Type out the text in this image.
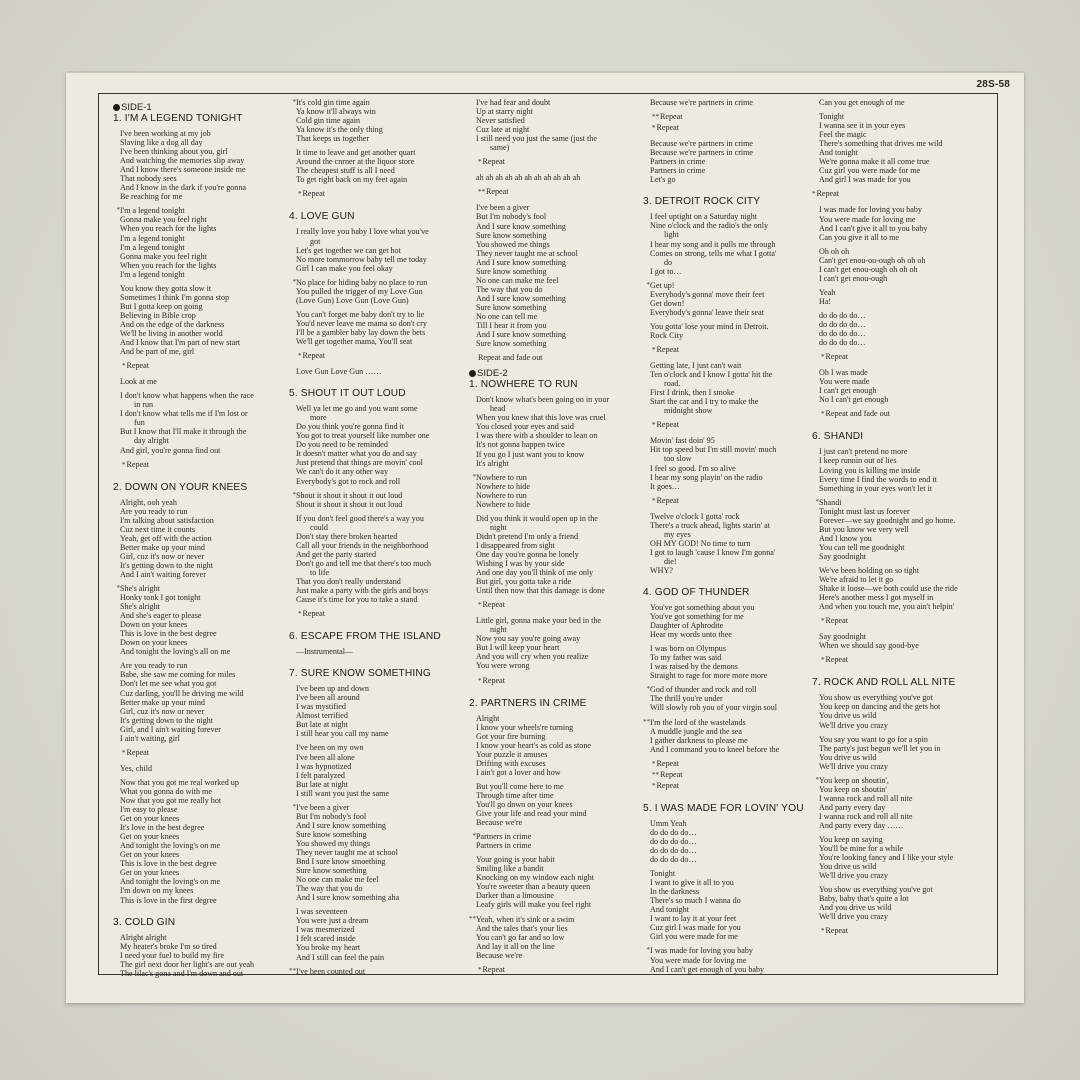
28S-58
SIDE-1
1. I'M A LEGEND TONIGHT
I've been working at my job
Slaving like a dog all day
I've been thinking about you, girl
And watching the memories slip away
And I know there's someone inside me
That nobody sees
And I know in the dark if you're gonna
Be reaching for me
* I'm a legend tonight
Gonna make you feel right
When you reach for the lights
I'm a legend tonight
I'm a legend tonight
Gonna make you feel right
When you reach for the lights
I'm a legend tonight
You know they gotta slow it
Sometimes I think I'm gonna stop
But I gotta keep on going
Believing in Bible crop
And on the edge of the darkness
We'll be living in another world
And I know that I'm part of new start
And be part of me, girl
*Repeat
Look at me
I don't know what happens when the race
in run
I don't know what tells me if I'm lost or
fun
But I know that I'll make it through the
day alright
And girl, you're gonna find out
*Repeat
2. DOWN ON YOUR KNEES
Alright, ooh yeah
Are you ready to run
I'm talking about satisfaction
Cuz next time it counts
Yeah, get off with the action
Better make up your mind
Girl, cuz it's now or never
It's getting down to the night
And I ain't waiting forever
* She's alright
Honky tonk I got tonight
She's alright
And she's eager to please
Down on your knees
This is love in the best degree
Down on your knees
And tonight the loving's all on me
Are you ready to run
Babe, she saw me coming for miles
Don't let me see what you got
Cuz darling, you'll be driving me wild
Better make up your mind
Girl, cuz it's now or never
It's getting down to the night
Girl, and I ain't waiting forever
I ain't waiting, girl
*Repeat
Yes, child
Now that you got me real worked up
What you gonna do with me
Now that you got me really hot
I'm easy to please
Get on your knees
It's love in the best degree
Get on your knees
And tonight the loving's on me
Get on your knees
This is love in the best degree
Get on your knees
And tonight the loving's on me
I'm down on my knees
This is love in the first degree
3. COLD GIN
Alright alright
My heater's broke I'm so tired
I need your fuel to build my fire
The girl next door her light's are out yeah
The lilac's gona and I'm down and out
* It's cold gin time again
Ya know it'll always win
Cold gin time again
Ya know it's the only thing
That keeps us together
It time to leave and get another quart
Around the cnrner at the liquor store
The cheapest stuff is all I need
To get right back on my feet again
*Repeat
4. LOVE GUN
I really love you baby I love what you've
got
Let's get together we can get hot
No more tommorrow baby tell me today
Girl I can make you feel okay
* No place for hiding baby no place to run
You pulled the trigger of my Love Gun
(Love Gun) Love Gun (Love Gun)
You can't forget me baby don't try to lie
You'd never leave me mama so don't cry
I'll be a gambler baby lay down the bets
We'll get together mama, You'll seat
*Repeat
Love Gun Love Gun ……
5. SHOUT IT OUT LOUD
Well ya let me go and you want some
more
Do you think you're gonna find it
You got to treat yourself like number one
Do you need to be reminded
It doesn't matter what you do and say
Just pretend that things are movin' cool
We can't do it any other way
Everybody's got to rock and roll
* Shout it shout it shout it out loud
Shout it shout it shout it out loud
If you don't feel good there's a way you
could
Don't stay there broken hearted
Call all your friends in the neighborhood
And get the party started
Don't go and tell me that there's too much
to life
That you don't really understand
Just make a party with the girls and boys
Cause it's time for you to take a stand
*Repeat
6. ESCAPE FROM THE ISLAND
—Instrumental—
7. SURE KNOW SOMETHING
I've been up and down
I've been all around
I was mystified
Almost terrified
But late at night
I still hear you call my name
I've been on my own
I've been all alone
I was hypnotized
I felt paralyzed
But late at night
I still want you just the same
* I've been a giver
But I'm nobody's fool
And I sure know something
Sure know something
You showed my things
They never taught me at school
Bnd I sure know smoething
Sure know something
No one can make me feel
The way that you do
And I sure know something aha
I was seventeen
You were just a dream
I was mesmerized
I felt scared inside
You broke my heart
And I still can feel the pain
** I've been counted out
I've had fear and doubt
Up at starry night
Never satisfied
Cuz late at night
I still need you just the same (just the
same)
*Repeat
ah ah ah ah ah ah ah ah ah ah ah
**Repeat
I've been a giver
But I'm nobody's fool
And I sure know something
Sure know something
You showed me things
They never taught me at school
And I sure know something
Sure know something
No one can make me feel
The way that you do
And I sure know something
Sure know something
No one can tell me
Till I hear it from you
And I sure know something
Sure know something
Repeat and fade out
SIDE-2
1. NOWHERE TO RUN
Don't know what's been going on in your
head
When you knew that this love was cruel
You closed your eyes and said
I was there with a shoulder to lean on
It's not gonna happen twice
If you go I just want you to know
It's alright
* Nowhere to run
Nowhere to hide
Nowhere to run
Nowhere to hide
Did you think it would open up in the
night
Didn't pretend I'm only a friend
I disappeared from sight
One day you're gonna be lonely
Wishing I was by your side
And one day you'll think of me only
But girl, you gotta take a ride
Until then now that this damage is done
*Repeat
Little girl, gonna make your bed in the
night
Now you say you're going away
But I will keep your heart
And you will cry when you realize
You were wrong
*Repeat
2. PARTNERS IN CRIME
Alright
I know your wheels're turning
Got your fire burning
I know your heart's as cold as stone
Your puzzle it amuses
Drifting with excuses
I ain't got a lover and how
But you'll come here to me
Through time after time
You'll go dnwn on your knees
Give your life and read your mind
Because we're
* Partners in crime
Partners in crime
Your going is your habit
Smiling like a bandit
Knocking on my window each night
You're sweeter than a beauty queen
Darker than a limousine
Leafy girls will make you feel right
** Yeah, when it's sink or a swim
And the tales that's your lies
You can't go far and so low
And lay it all on the line
Because we're
*Repeat
Because we're partners in crime
**Repeat
*Repeat
Because we're partners in crime
Because we're partners in crime
Partners in crime
Partners in crime
Let's go
3. DETROIT ROCK CITY
I feel uptight on a Saturday night
Nine o'clock and the radio's the only
light
I hear my song and it pulls me through
Comes on strong, tells me what I gotta'
do
I got to…
* Get up!
Everybody's gonna' move their feet
Get down!
Everybody's gonna' leave their seat
You gotta' lose your mind in Detroit.
Rock City
*Repeat
Getting late, I just can't wait
Ten o'clock and I know I gotta' hit the
road.
First I drink, then I smoke
Start the car and I try to make the
midnight show
*Repeat
Movin' fast doin' 95
Hit top speed but I'm still movin' much
too slow
I feel so good. I'm so alive
I hear my song playin' on the radio
It goes…
*Repeat
Twelve o'clock I gotta' rock
There's a truck ahead, lights starin' at
my eyes
OH MY GOD! No time to turn
I got to laugh 'cause I know I'm gonna'
die!
WHY?
4. GOD OF THUNDER
You've got something about you
You've got something for me
Daughter of Aphrodite
Hear my words unto thee
I was born on Olympus
To my father was said
I was raised by the demons
Straight to rage for more more more
* God of thunder and rock and roll
The thrill you're under
Will slowly rob you of your virgin soul
** I'm the lord of the wastelands
A muddle jungle and the sea
I gather darkness to please me
And I command you to kneel before the
*Repeat
**Repeat
*Repeat
5. I WAS MADE FOR LOVIN' YOU
Umm Yeah
do do do do…
do do do do…
do do do do…
do do do do…
Tonight
I want to give it all to you
In the darkness
There's so much I wanna do
And tonight
I want to lay it at your feet
Cuz girl I was made for you
Girl you were made for me
* I was made for loving you baby
You were made for loving me
And I can't get enough of you baby
Can you get enough of me
Tonight
I wanna see it in your eyes
Feel the magic
There's something that drives me wild
And tonight
We're gonna make it all come true
Cuz girl you were made for me
And girl I was made for you
*Repeat
I was made for loving you baby
You were made for loving me
And I can't give it all to you baby
Can you give it all to me
Oh oh oh
Can't get enou-ou-ough oh oh oh
I can't get enou-ough oh oh oh
I can't get enou-ough
Yeah
Ha!
do do do do…
do do do do…
do do do do…
do do do do…
*Repeat
Oh I was made
You were made
I can't get enough
No I can't get enough
*Repeat and fade out
6. SHANDI
I just can't pretend no more
I keep runnin out of lies
Loving you is killing me inside
Every time I find the words to end it
Something in your eyes won't let it
* Shandi
Tonight must last us forever
Forever—we say goodnight and go home.
But you know we very well
And I know you
You can tell me goodnight
Say goodnight
We've been holding on so tight
We're afraid to let it go
Shake it loose—we both could use the ride
Here's another mess I got myself in
And when you touch me, you ain't helpin'
*Repeat
Say goodnight
When we should say good-bye
*Repeat
7. ROCK AND ROLL ALL NITE
You show us everything you've got
You keep on dancing and the gets hot
You drive us wild
We'll drive you crazy
You say you want to go for a spin
The party's just begun we'll let you in
You drive us wild
We'll drive you crazy
* You keep on shoutin',
You keep on shoutin'
I wanna rock and roll all nite
And party every day
I wanna rock and roll all nite
And party every day ……
You keep on saying
You'll be mine for a while
You're looking fancy and I like your style
You drive us wild
We'll drive you crazy
You show us everything you've got
Baby, baby that's quite a lot
And you drive us wild
We'll drive you crazy
*Repeat
